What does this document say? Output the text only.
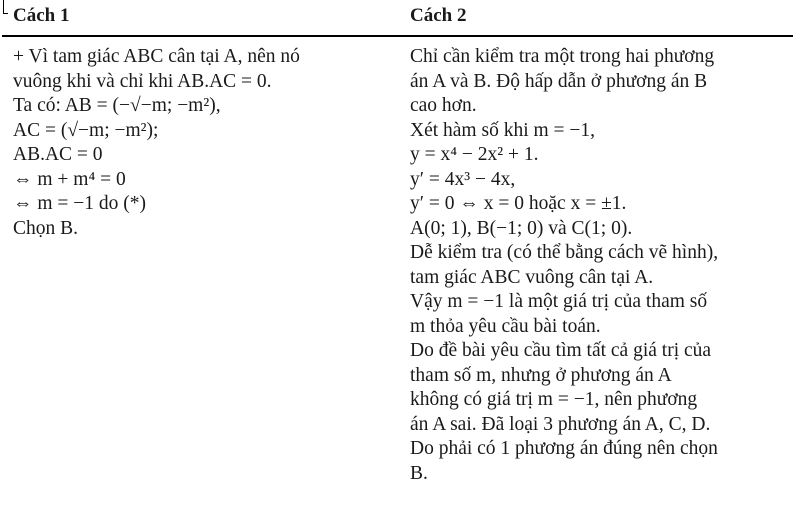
Cách 1	Cách 2
+ Vì tam giác ABC cân tại A, nên nó
vuông khi và chỉ khi AB.AC = 0.
Ta có: AB = (−√−m; −m²),
AC = (√−m; −m²);
AB.AC = 0
⇔ m + m⁴ = 0
⇔ m = −1 do (*)
Chọn B.
Chỉ cần kiểm tra một trong hai phương
án A và B. Độ hấp dẫn ở phương án B
cao hơn.
Xét hàm số khi m = −1,
y = x⁴ − 2x² + 1.
y′ = 4x³ − 4x,
y′ = 0 ⇔ x = 0 hoặc x = ±1.
A(0; 1), B(−1; 0) và C(1; 0).
Dễ kiểm tra (có thể bằng cách vẽ hình),
tam giác ABC vuông cân tại A.
Vậy m = −1 là một giá trị của tham số
m thỏa yêu cầu bài toán.
Do đề bài yêu cầu tìm tất cả giá trị của
tham số m, nhưng ở phương án A
không có giá trị m = −1, nên phương
án A sai. Đã loại 3 phương án A, C, D.
Do phải có 1 phương án đúng nên chọn
B.
